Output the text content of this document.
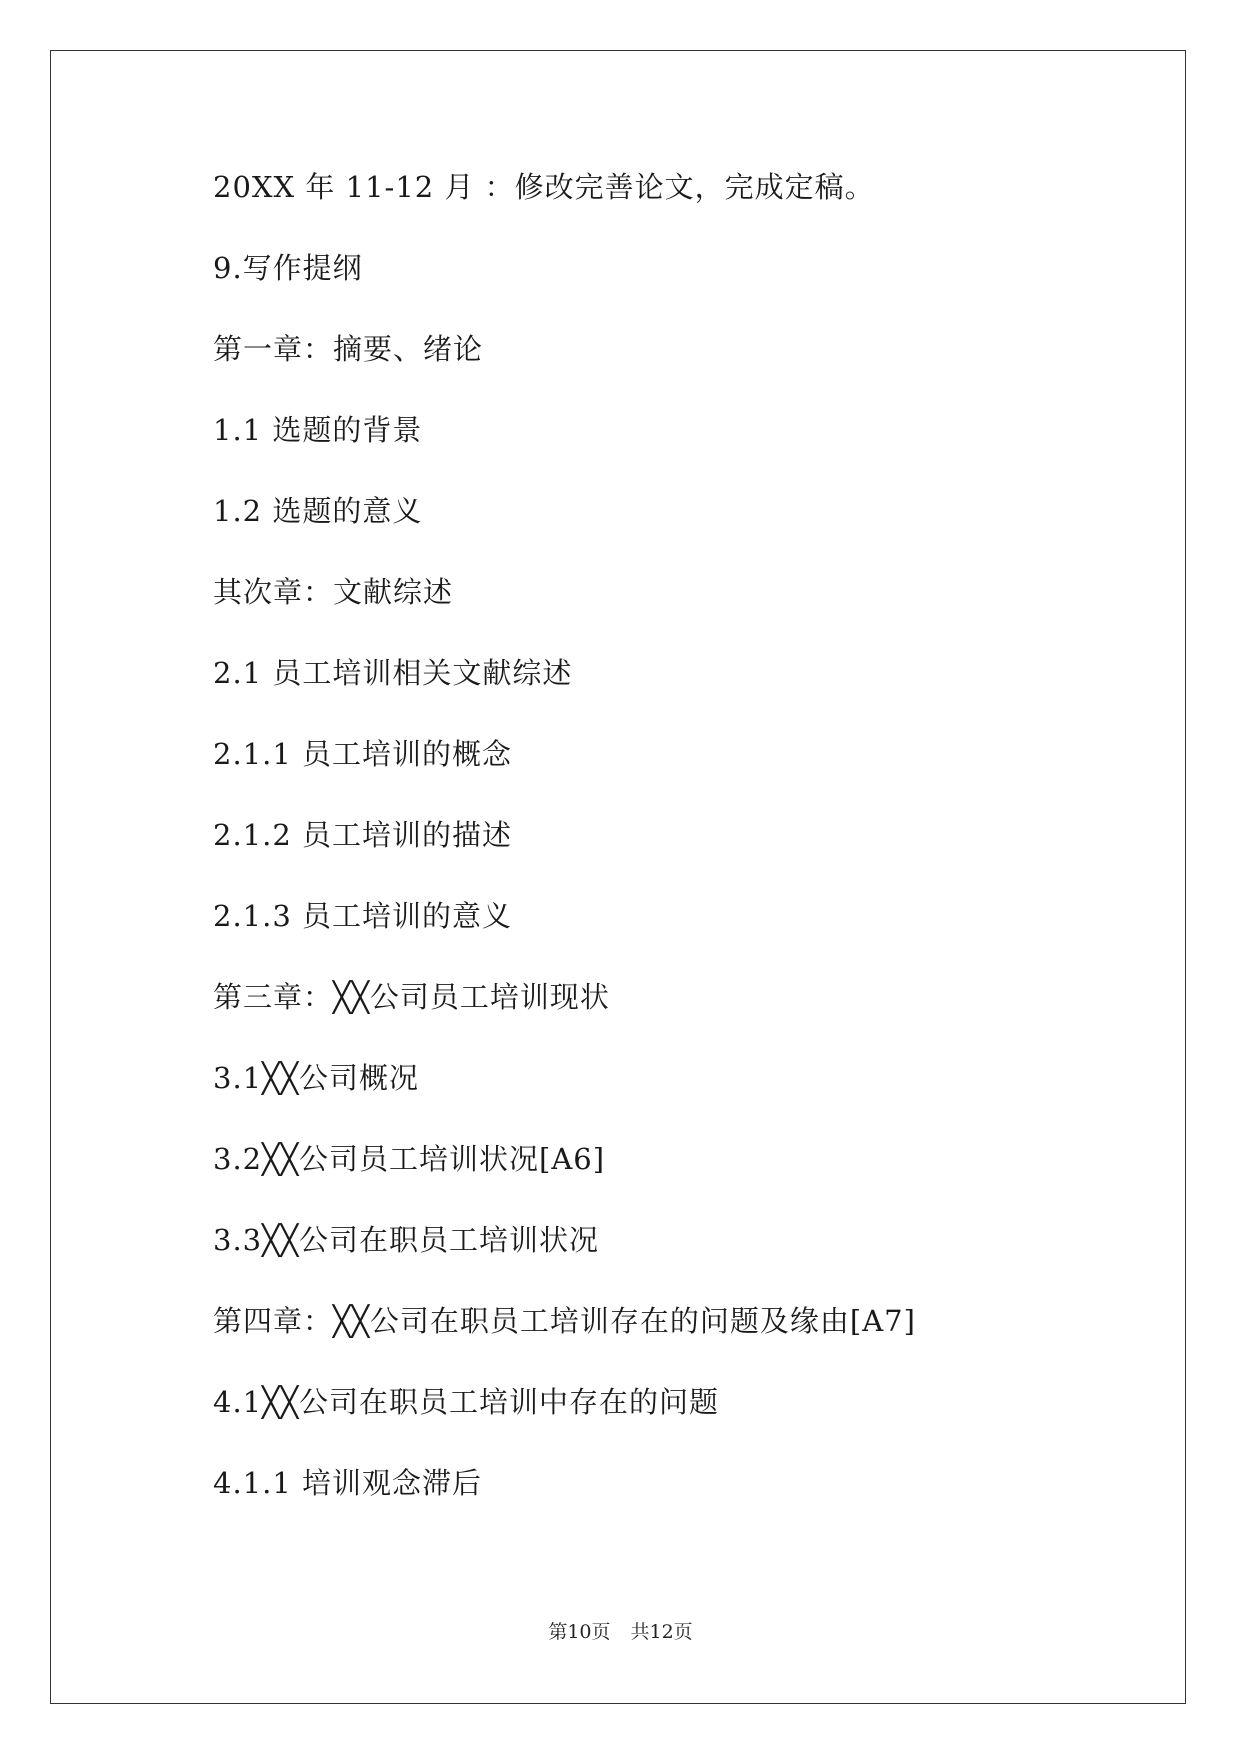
20XX 年 11-12 月 ：修改完善论文，完成定稿。
9.写作提纲
第一章：摘要、绪论
1.1 选题的背景
1.2 选题的意义
其次章：文献综述
2.1 员工培训相关文献综述
2.1.1 员工培训的概念
2.1.2 员工培训的描述
2.1.3 员工培训的意义
第三章：╳╳公司员工培训现状
3.1╳╳公司概况
3.2╳╳公司员工培训状况[A6]
3.3╳╳公司在职员工培训状况
第四章：╳╳公司在职员工培训存在的问题及缘由[A7]
4.1╳╳公司在职员工培训中存在的问题
4.1.1 培训观念滞后
第10页 共12页
